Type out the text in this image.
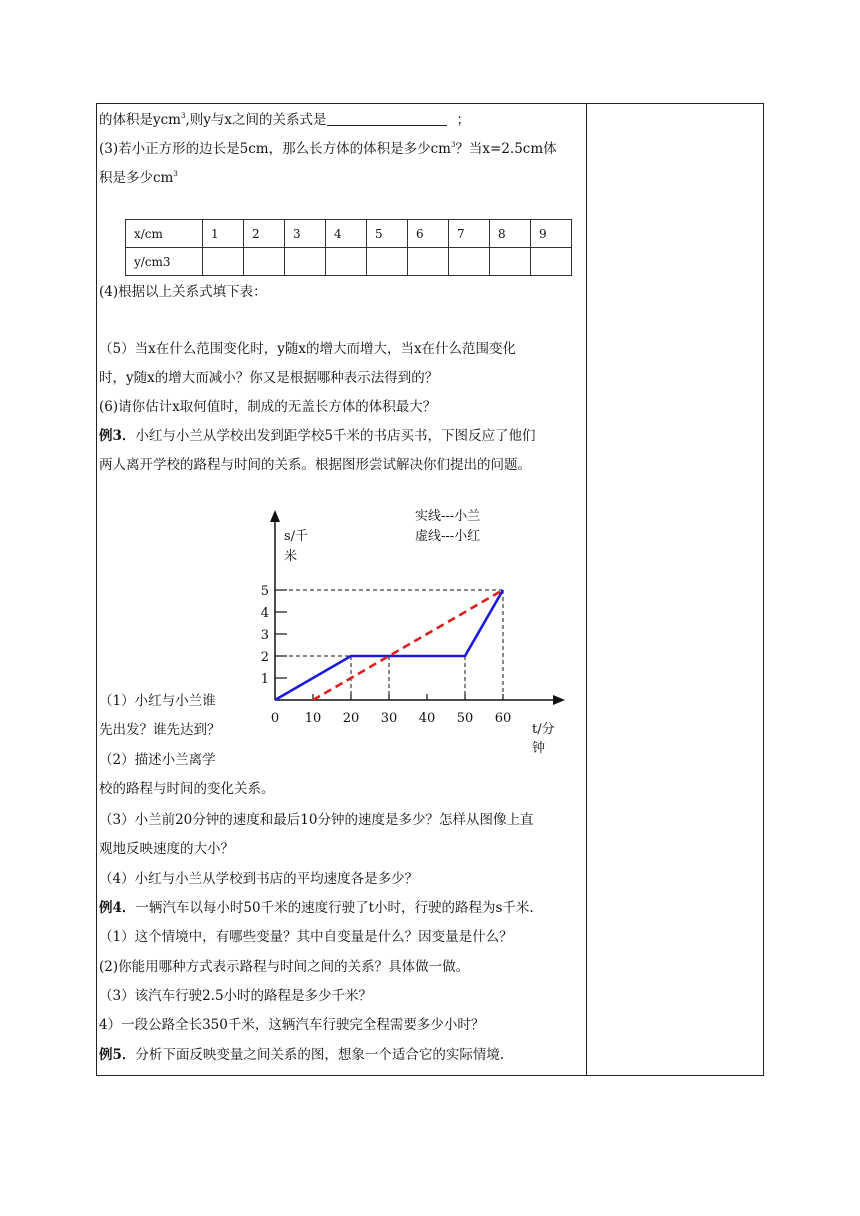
的体积是ycm$^3$,则y与x之间的关系式是	；
(3)若小正方形的边长是5cm，那么长方体的体积是多少$cm^3$？当x=2.5cm体
积是多少$cm^3$
x/cm	1	2	3	4	5	6	7	8	9
y/cm3									
(4)根据以上关系式填下表：
（5）当x在什么范围变化时，y随x的增大而增大，当x在什么范围变化
时，y随x的增大而减小？你又是根据哪种表示法得到的？
(6)请你估计x取何值时，制成的无盖长方体的体积最大？
例3．小红与小兰从学校出发到距学校5千米的书店买书，下图反应了他们
两人离开学校的路程与时间的关系。根据图形尝试解决你们提出的问题。
（1）小红与小兰谁
先出发？谁先达到？
（2）描述小兰离学
校的路程与时间的变化关系。
（3）小兰前20分钟的速度和最后10分钟的速度是多少？怎样从图像上直
观地反映速度的大小？
（4）小红与小兰从学校到书店的平均速度各是多少？
例4．一辆汽车以每小时50千米的速度行驶了t小时，行驶的路程为s千米.
（1）这个情境中，有哪些变量？其中自变量是什么？因变量是什么？
(2)你能用哪种方式表示路程与时间之间的关系？具体做一做。
（3）该汽车行驶2.5小时的路程是多少千米？
4）一段公路全长350千米，这辆汽车行驶完全程需要多少小时？
例5．分析下面反映变量之间关系的图，想象一个适合它的实际情境.
s/千
米
t/分
钟
实线---小兰
虚线---小红
0 10 20 30 40 50 60
1
2
3
4
5
